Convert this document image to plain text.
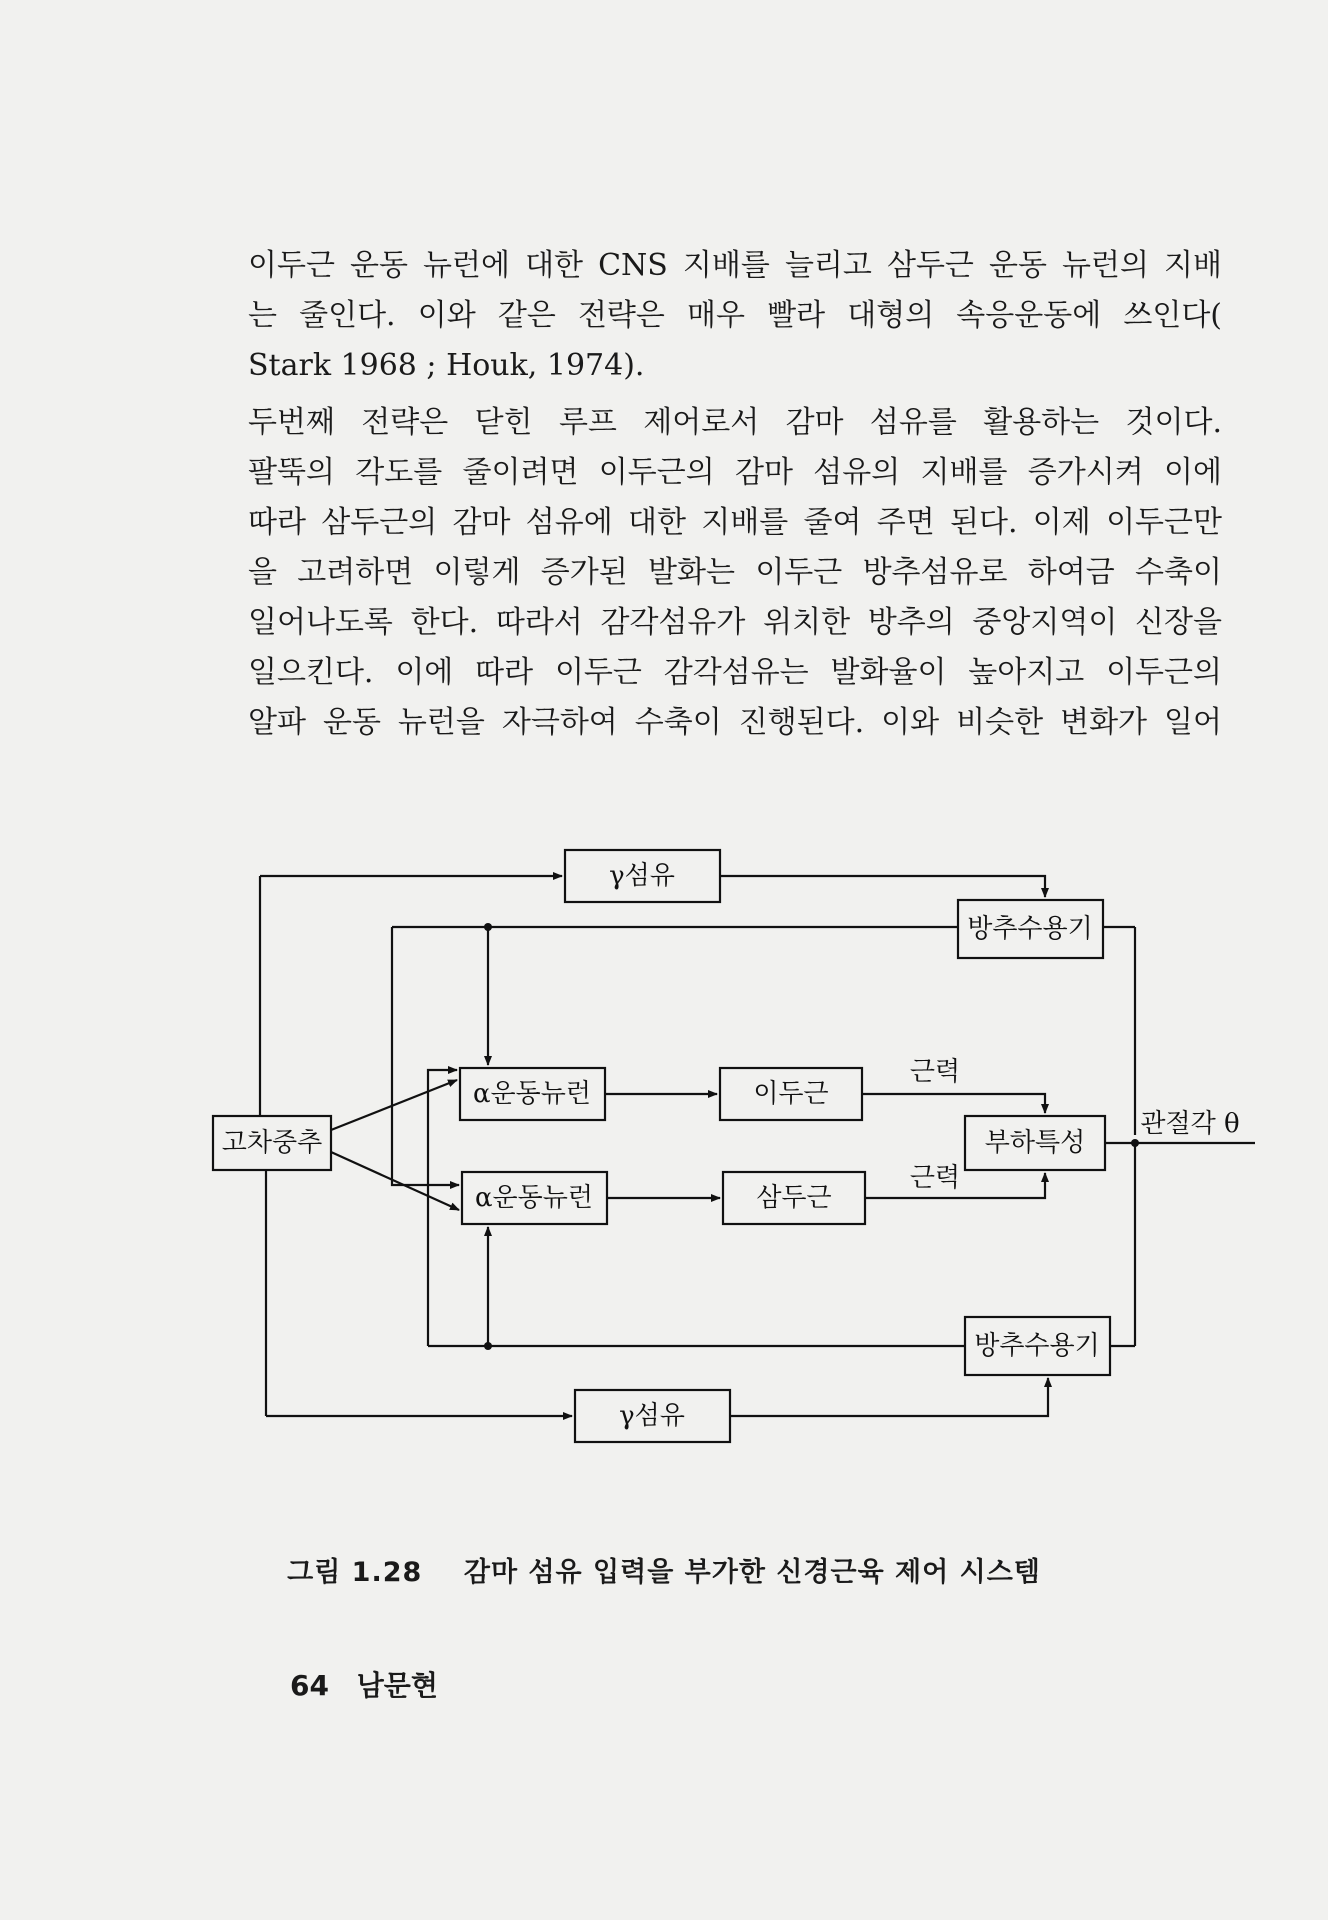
이두근 운동 뉴런에 대한 CNS 지배를 늘리고 삼두근 운동 뉴런의 지배
는 줄인다. 이와 같은 전략은 매우 빨라 대형의 속응운동에 쓰인다(
Stark 1968 ; Houk, 1974).
두번째 전략은 닫힌 루프 제어로서 감마 섬유를 활용하는 것이다.
팔뚝의 각도를 줄이려면 이두근의 감마 섬유의 지배를 증가시켜 이에
따라 삼두근의 감마 섬유에 대한 지배를 줄여 주면 된다. 이제 이두근만
을 고려하면 이렇게 증가된 발화는 이두근 방추섬유로 하여금 수축이
일어나도록 한다. 따라서 감각섬유가 위치한 방추의 중앙지역이 신장을
일으킨다. 이에 따라 이두근 감각섬유는 발화율이 높아지고 이두근의
알파 운동 뉴런을 자극하여 수축이 진행된다. 이와 비슷한 변화가 일어
γ섬유
방추수용기
α운동뉴런	이두근
근력
부하특성
관절각 θ
고차중추
근력
α운동뉴런	삼두근
방추수용기
γ섬유
그림 1.28 감마 섬유 입력을 부가한 신경근육 제어 시스템
64 남문현
